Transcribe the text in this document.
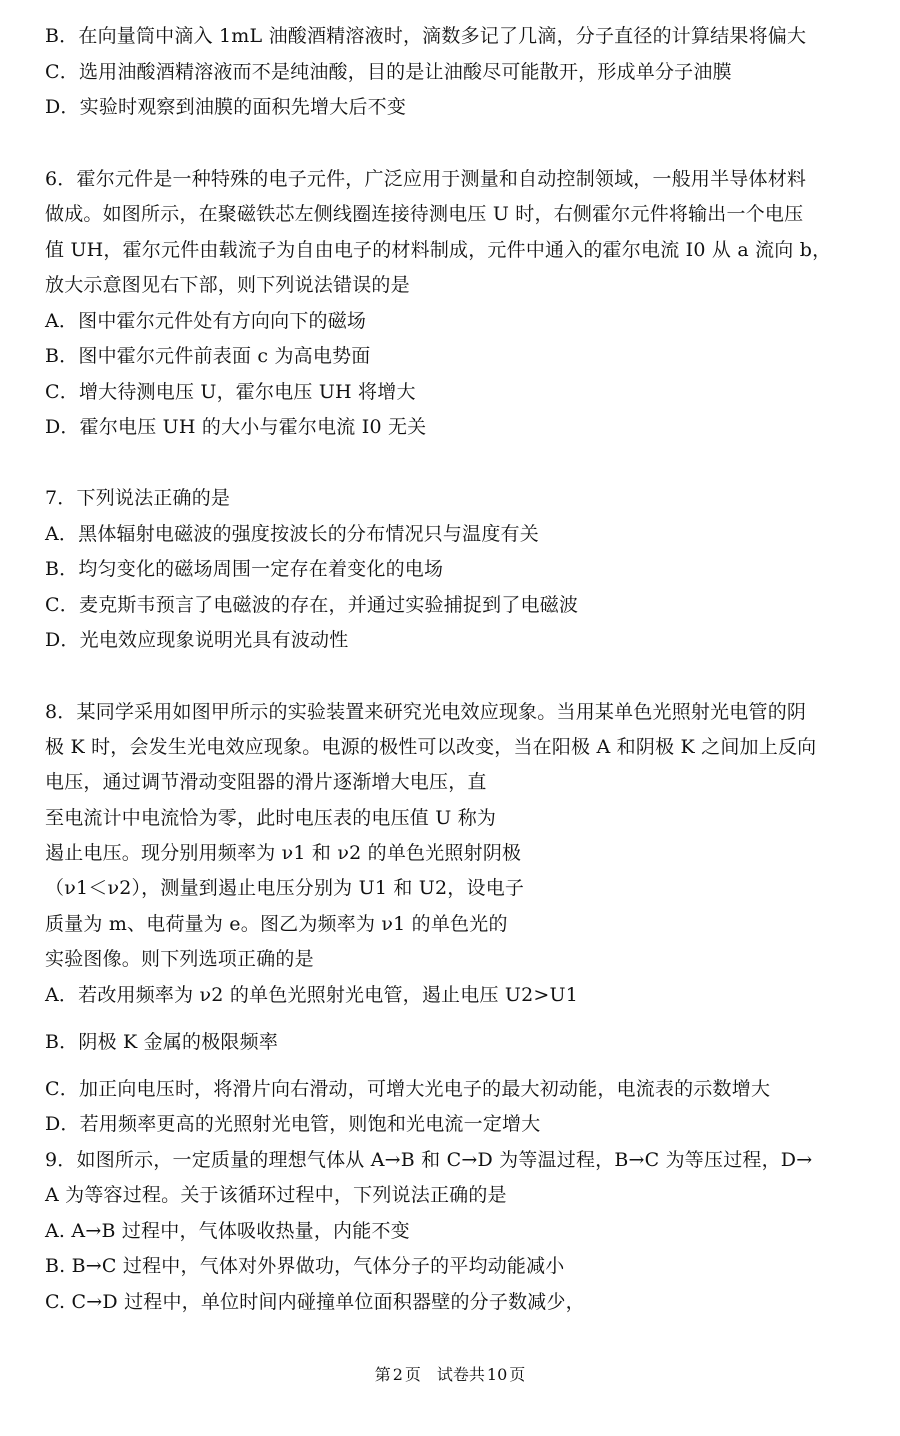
B．在向量筒中滴入 1mL 油酸酒精溶液时，滴数多记了几滴，分子直径的计算结果将偏大
C．选用油酸酒精溶液而不是纯油酸，目的是让油酸尽可能散开，形成单分子油膜
D．实验时观察到油膜的面积先增大后不变
6．霍尔元件是一种特殊的电子元件，广泛应用于测量和自动控制领域，一般用半导体材料
做成。如图所示，在聚磁铁芯左侧线圈连接待测电压 U 时，右侧霍尔元件将输出一个电压
值 UH，霍尔元件由载流子为自由电子的材料制成，元件中通入的霍尔电流 I0 从 a 流向 b，
放大示意图见右下部，则下列说法错误的是
A．图中霍尔元件处有方向向下的磁场
B．图中霍尔元件前表面 c 为高电势面
C．增大待测电压 U，霍尔电压 UH 将增大
D．霍尔电压 UH 的大小与霍尔电流 I0 无关
7．下列说法正确的是
A．黑体辐射电磁波的强度按波长的分布情况只与温度有关
B．均匀变化的磁场周围一定存在着变化的电场
C．麦克斯韦预言了电磁波的存在，并通过实验捕捉到了电磁波
D．光电效应现象说明光具有波动性
8．某同学采用如图甲所示的实验装置来研究光电效应现象。当用某单色光照射光电管的阴
极 K 时，会发生光电效应现象。电源的极性可以改变，当在阳极 A 和阴极 K 之间加上反向
电压，通过调节滑动变阻器的滑片逐渐增大电压，直
至电流计中电流恰为零，此时电压表的电压值 U 称为
遏止电压。现分别用频率为 ν1 和 ν2 的单色光照射阴极
（ν1＜ν2），测量到遏止电压分别为 U1 和 U2，设电子
质量为 m、电荷量为 e。图乙为频率为 ν1 的单色光的
实验图像。则下列选项正确的是
A．若改用频率为 ν2 的单色光照射光电管，遏止电压 U2>U1
B．阴极 K 金属的极限频率
C．加正向电压时，将滑片向右滑动，可增大光电子的最大初动能，电流表的示数增大
D．若用频率更高的光照射光电管，则饱和光电流一定增大
9．如图所示，一定质量的理想气体从 A→B 和 C→D 为等温过程，B→C 为等压过程，D→
A 为等容过程。关于该循环过程中，下列说法正确的是
A. A→B 过程中，气体吸收热量，内能不变
B. B→C 过程中，气体对外界做功，气体分子的平均动能减小
C. C→D 过程中，单位时间内碰撞单位面积器壁的分子数减少，
第 2 页　试卷共 10 页
